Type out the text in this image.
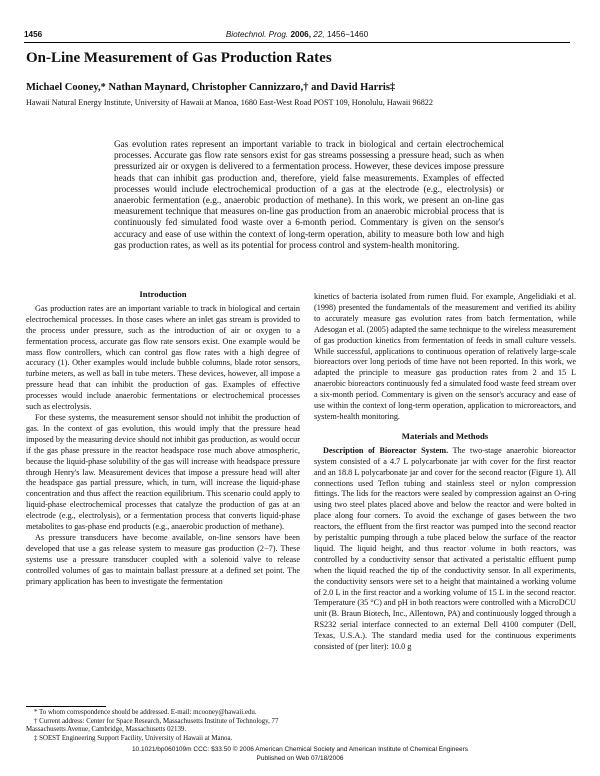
1456	Biotechnol. Prog. 2006, 22, 1456−1460
On-Line Measurement of Gas Production Rates
Michael Cooney,* Nathan Maynard, Christopher Cannizzaro,† and David Harris‡
Hawaii Natural Energy Institute, University of Hawaii at Manoa, 1680 East-West Road POST 109, Honolulu, Hawaii 96822
Gas evolution rates represent an important variable to track in biological and certain electrochemical processes. Accurate gas flow rate sensors exist for gas streams possessing a pressure head, such as when pressurized air or oxygen is delivered to a fermentation process. However, these devices impose pressure heads that can inhibit gas production and, therefore, yield false measurements. Examples of effected processes would include electrochemical production of a gas at the electrode (e.g., electrolysis) or anaerobic fermentation (e.g., anaerobic production of methane). In this work, we present an on-line gas measurement technique that measures on-line gas production from an anaerobic microbial process that is continuously fed simulated food waste over a 6-month period. Commentary is given on the sensor's accuracy and ease of use within the context of long-term operation, ability to measure both low and high gas production rates, as well as its potential for process control and system-health monitoring.
Introduction

Gas production rates are an important variable to track in biological and certain electrochemical processes. In those cases where an inlet gas stream is provided to the process under pressure, such as the introduction of air or oxygen to a fermentation process, accurate gas flow rate sensors exist. One example would be mass flow controllers, which can control gas flow rates with a high degree of accuracy (1). Other examples would include bubble columns, blade rotor sensors, turbine meters, as well as ball in tube meters. These devices, however, all impose a pressure head that can inhibit the production of gas. Examples of effective processes would include anaerobic fermentations or electrochemical processes such as electrolysis.

For these systems, the measurement sensor should not inhibit the production of gas. In the context of gas evolution, this would imply that the pressure head imposed by the measuring device should not inhibit gas production, as would occur if the gas phase pressure in the reactor headspace rose much above atmospheric, because the liquid-phase solubility of the gas will increase with headspace pressure through Henry's law. Measurement devices that impose a pressure head will alter the headspace gas partial pressure, which, in turn, will increase the liquid-phase concentration and thus affect the reaction equilibrium. This scenario could apply to liquid-phase electrochemical processes that catalyze the production of gas at an electrode (e.g., electrolysis), or a fermentation process that converts liquid-phase metabolites to gas-phase end products (e.g., anaerobic production of methane).

As pressure transducers have become available, on-line sensors have been developed that use a gas release system to measure gas production (2−7). These systems use a pressure transducer coupled with a solenoid valve to release controlled volumes of gas to maintain ballast pressure at a defined set point. The primary application has been to investigate the fermentation

* To whom correspondence should be addressed. E-mail: mcooney@hawaii.edu.
† Current address: Center for Space Research, Massachusetts Institute of Technology, 77 Massachusetts Avenue, Cambridge, Massachusetts 02139.
‡ SOEST Engineering Support Facility, University of Hawaii at Manoa.

kinetics of bacteria isolated from rumen fluid. For example, Angelidiaki et al. (1998) presented the fundamentals of the measurement and verified its ability to accurately measure gas evolution rates from batch fermentation, while Adesogan et al. (2005) adapted the same technique to the wireless measurement of gas production kinetics from fermentation of feeds in small culture vessels. While successful, applications to continuous operation of relatively large-scale bioreactors over long periods of time have not been reported. In this work, we adapted the principle to measure gas production rates from 2 and 15 L anaerobic bioreactors continuously fed a simulated food waste feed stream over a six-month period. Commentary is given on the sensor's accuracy and ease of use within the context of long-term operation, application to microreactors, and system-health monitoring.

Materials and Methods

Description of Bioreactor System. The two-stage anaerobic bioreactor system consisted of a 4.7 L polycarbonate jar with cover for the first reactor and an 18.8 L polycarbonate jar and cover for the second reactor (Figure 1). All connections used Teflon tubing and stainless steel or nylon compression fittings. The lids for the reactors were sealed by compression against an O-ring using two steel plates placed above and below the reactor and were bolted in place along four corners. To avoid the exchange of gases between the two reactors, the effluent from the first reactor was pumped into the second reactor by peristaltic pumping through a tube placed below the surface of the reactor liquid. The liquid height, and thus reactor volume in both reactors, was controlled by a conductivity sensor that activated a peristaltic effluent pump when the liquid reached the tip of the conductivity sensor. In all experiments, the conductivity sensors were set to a height that maintained a working volume of 2.0 L in the first reactor and a working volume of 15 L in the second reactor. Temperature (35 °C) and pH in both reactors were controlled with a MicroDCU unit (B. Braun Biotech, Inc., Allentown, PA) and continuously logged through a RS232 serial interface connected to an external Dell 4100 computer (Dell, Texas, U.S.A.). The standard media used for the continuous experiments consisted of (per liter): 10.0 g

10.1021/bp060109m CCC: $33.50 © 2006 American Chemical Society and American Institute of Chemical Engineers
Published on Web 07/18/2006
